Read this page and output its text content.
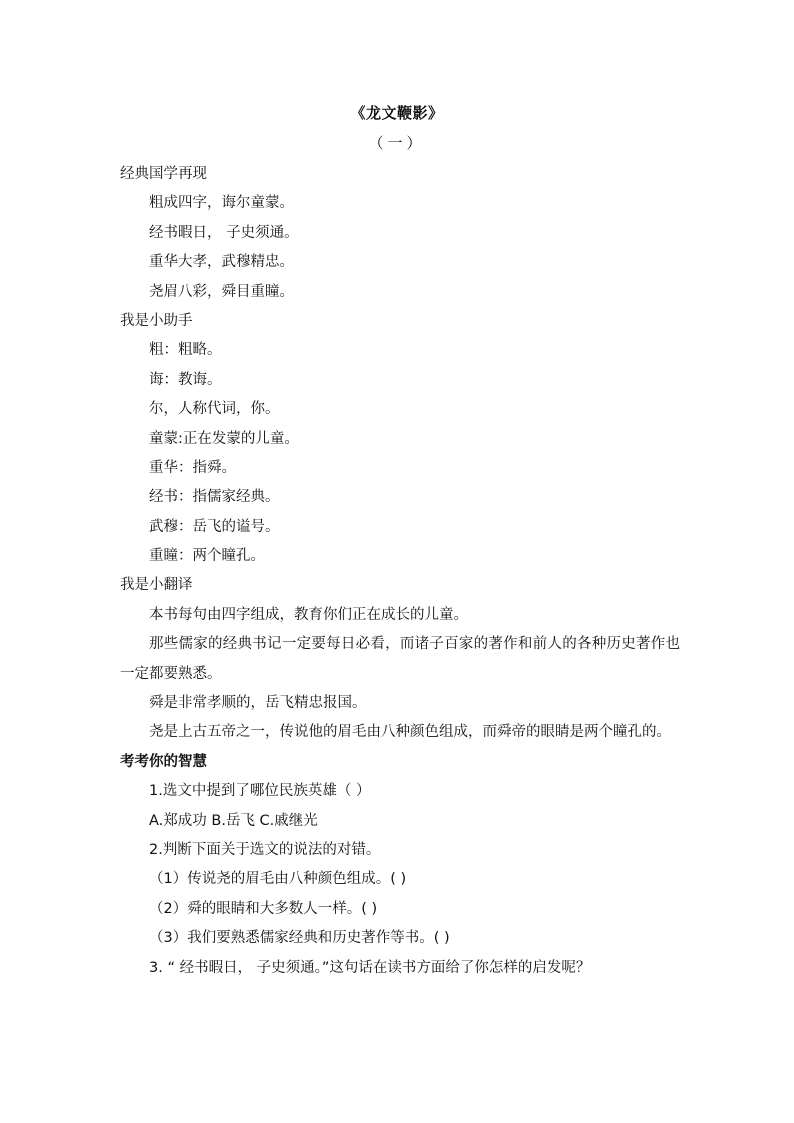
《龙文鞭影》
（一）
经典国学再现
粗成四字，诲尔童蒙。
经书暇日， 子史须通。
重华大孝，武穆精忠。
尧眉八彩，舜目重瞳。
我是小助手
粗：粗略。
诲：教诲。
尔，人称代词，你。
童蒙:正在发蒙的儿童。
重华：指舜。
经书：指儒家经典。
武穆：岳飞的谥号。
重瞳：两个瞳孔。
我是小翻译
本书每句由四字组成，教育你们正在成长的儿童。
那些儒家的经典书记一定要每日必看，而诸子百家的著作和前人的各种历史著作也一定都要熟悉。
舜是非常孝顺的，岳飞精忠报国。
尧是上古五帝之一，传说他的眉毛由八种颜色组成，而舜帝的眼睛是两个瞳孔的。
考考你的智慧
1.选文中提到了哪位民族英雄（ ）
A.郑成功 B.岳飞 C.戚继光
2.判断下面关于选文的说法的对错。
（1）传说尧的眉毛由八种颜色组成。( )
（2）舜的眼睛和大多数人一样。( )
（3）我们要熟悉儒家经典和历史著作等书。( )
3. “ 经书暇日， 子史须通。”这句话在读书方面给了你怎样的启发呢？
